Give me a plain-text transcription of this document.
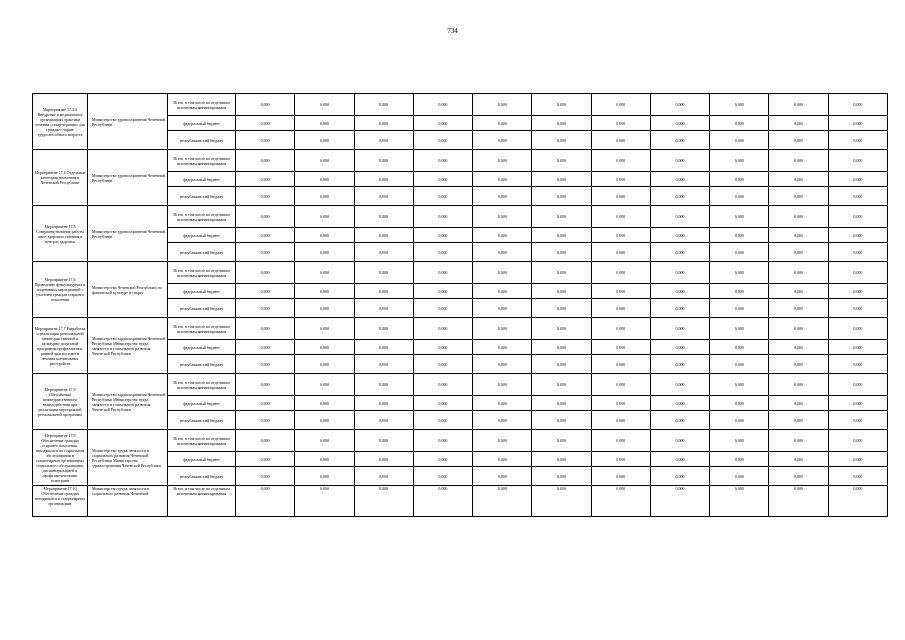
734
Мероприятие 17.3.3 Внедрение в медицинских организациях практики лечения «сахар-терапия» для граждан старше трудоспособного возраста	Министерство здравоохранения Чеченской Республики	Всего, в том числе по отдельным источникам финансирования	0,000	0,000	0,000	0,000	0,000	0,000	0,000	0,000	0,000	0,000	0,000
		федеральный бюджет	0,000	0,000	0,000	0,000	0,000	0,000	0,000	0,000	0,000	0,000	0,000
		республиканский бюджет	0,000	0,000	0,000	0,000	0,000	0,000	0,000	0,000	0,000	0,000	0,000
Мероприятие 17.4 Отдельные категории населения в Чеченской Республике	Министерство здравоохранения Чеченской Республики	Всего, в том числе по отдельным источникам финансирования	0,000	0,000	0,000	0,000	0,000	0,000	0,000	0,000	0,000	0,000	0,000
		федеральный бюджет	0,000	0,000	0,000	0,000	0,000	0,000	0,000	0,000	0,000	0,000	0,000
		республиканский бюджет	0,000	0,000	0,000	0,000	0,000	0,000	0,000	0,000	0,000	0,000	0,000
Мероприятие 17.5 Совершенствование работы школ здорового питания в центрах здоровья	Министерство здравоохранения Чеченской Республики	Всего, в том числе по отдельным источникам финансирования	0,000	0,000	0,000	0,000	0,000	0,000	0,000	0,000	0,000	0,000	0,000
		федеральный бюджет	0,000	0,000	0,000	0,000	0,000	0,000	0,000	0,000	0,000	0,000	0,000
		республиканский бюджет	0,000	0,000	0,000	0,000	0,000	0,000	0,000	0,000	0,000	0,000	0,000
Мероприятие 17.6 Проведение физкультурных и спортивных мероприятий с участием граждан старшего поколения	Министерство Чеченской Республики по физической культуре и спорту	Всего, в том числе по отдельным источникам финансирования	0,000	0,000	0,000	0,000	0,000	0,000	0,000	0,000	0,000	0,000	0,000
		федеральный бюджет	0,000	0,000	0,000	0,000	0,000	0,000	0,000	0,000	0,000	0,000	0,000
		республиканский бюджет	0,000	0,000	0,000	0,000	0,000	0,000	0,000	0,000	0,000	0,000	0,000
Мероприятие 17.7 Разработка и реализация региональной межведомственной и культурно-досуговой программы профилактики, ранней диагностики и лечения когнитивных расстройств	Министерство здравоохранения Чеченской Республики Министерство труда, занятости и социального развития Чеченской Республики	Всего, в том числе по отдельным источникам финансирования	0,000	0,000	0,000	0,000	0,000	0,000	0,000	0,000	0,000	0,000	0,000
		федеральный бюджет	0,000	0,000	0,000	0,000	0,000	0,000	0,000	0,000	0,000	0,000	0,000
		республиканский бюджет	0,000	0,000	0,000	0,000	0,000	0,000	0,000	0,000	0,000	0,000	0,000
Мероприятие 17.8 Обеспечение межведомственного взаимодействия при реализации мероприятий региональной программы	Министерство здравоохранения Чеченской Республики Министерство труда, занятости и социального развития Чеченской Республики	Всего, в том числе по отдельным источникам финансирования	0,000	0,000	0,000	0,000	0,000	0,000	0,000	0,000	0,000	0,000	0,000
		федеральный бюджет	0,000	0,000	0,000	0,000	0,000	0,000	0,000	0,000	0,000	0,000	0,000
		республиканский бюджет	0,000	0,000	0,000	0,000	0,000	0,000	0,000	0,000	0,000	0,000	0,000
Мероприятие 17.9 Обеспечение граждан старшего поколения, находящихся на социальном обслуживании в стационарных организациях социального обслуживания, диспансеризацией и профилактическими осмотрами	Министерство труда, занятости и социального развития Чеченской Республики Министерство здравоохранения Чеченской Республики	Всего, в том числе по отдельным источникам финансирования	0,000	0,000	0,000	0,000	0,000	0,000	0,000	0,000	0,000	0,000	0,000
		федеральный бюджет	0,000	0,000	0,000	0,000	0,000	0,000	0,000	0,000	0,000	0,000	0,000
		республиканский бюджет	0,000	0,000	0,000	0,000	0,000	0,000	0,000	0,000	0,000	0,000	0,000
Мероприятие 17.10 Обеспечение граждан находящихся в стационарных организациях	Министерство труда, занятости и социального развития Чеченской	Всего, в том числе по отдельным источникам финансирования	0,000	0,000	0,000	0,000	0,000	0,000	0,000	0,000	0,000	0,000	0,000
